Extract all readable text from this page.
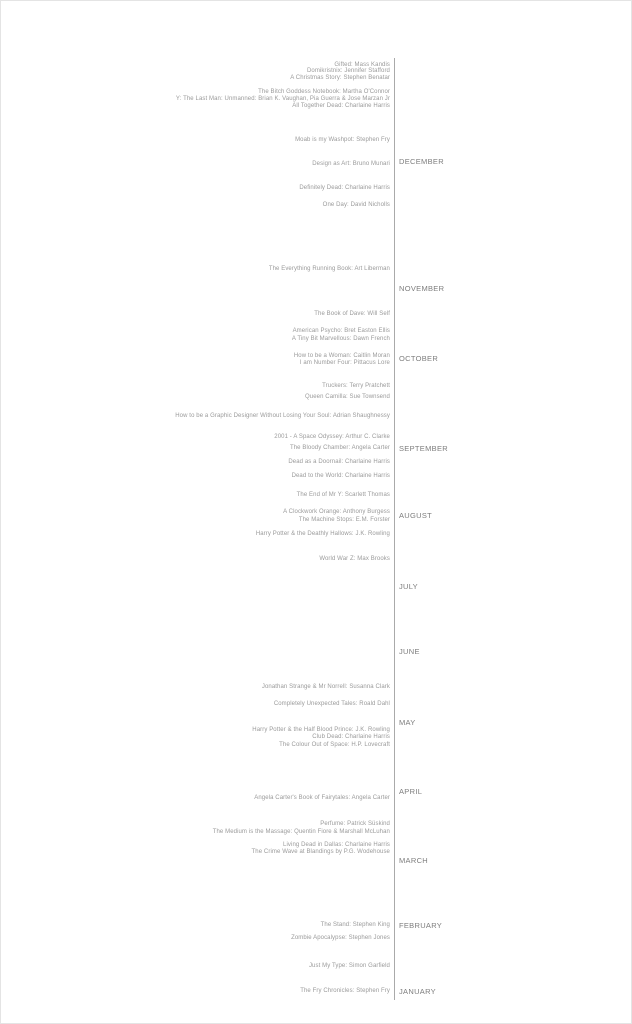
Gifted: Mass Kandis
Domikristnix: Jennifer Stafford
A Christmas Story: Stephen Benatar
The Bitch Goddess Notebook: Martha O'Connor
Y: The Last Man: Unmanned: Brian K. Vaughan, Pia Guerra & Jose Marzan Jr
All Together Dead: Charlaine Harris
Moab is my Washpot: Stephen Fry
Design as Art: Bruno Munari
Definitely Dead: Charlaine Harris
One Day: David Nicholls
The Everything Running Book: Art Liberman
The Book of Dave: Will Self
American Psycho: Bret Easton Ellis
A Tiny Bit Marvellous: Dawn French
How to be a Woman: Caitlin Moran
I am Number Four: Pittacus Lore
Truckers: Terry Pratchett
Queen Camilla: Sue Townsend
How to be a Graphic Designer Without Losing Your Soul: Adrian Shaughnessy
2001 - A Space Odyssey: Arthur C. Clarke
The Bloody Chamber: Angela Carter
Dead as a Doornail: Charlaine Harris
Dead to the World: Charlaine Harris
The End of Mr Y: Scarlett Thomas
A Clockwork Orange: Anthony Burgess
The Machine Stops: E.M. Forster
Harry Potter & the Deathly Hallows: J.K. Rowling
World War Z: Max Brooks
Jonathan Strange & Mr Norrell: Susanna Clark
Completely Unexpected Tales: Roald Dahl
Harry Potter & the Half Blood Prince: J.K. Rowling
Club Dead: Charlaine Harris
The Colour Out of Space: H.P. Lovecraft
Angela Carter's Book of Fairytales: Angela Carter
Perfume: Patrick Süskind
The Medium is the Massage: Quentin Fiore & Marshall McLuhan
Living Dead in Dallas: Charlaine Harris
The Crime Wave at Blandings by P.G. Wodehouse
The Stand: Stephen King
Zombie Apocalypse: Stephen Jones
Just My Type: Simon Garfield
The Fry Chronicles: Stephen Fry
DECEMBER
NOVEMBER
OCTOBER
SEPTEMBER
AUGUST
JULY
JUNE
MAY
APRIL
MARCH
FEBRUARY
JANUARY
